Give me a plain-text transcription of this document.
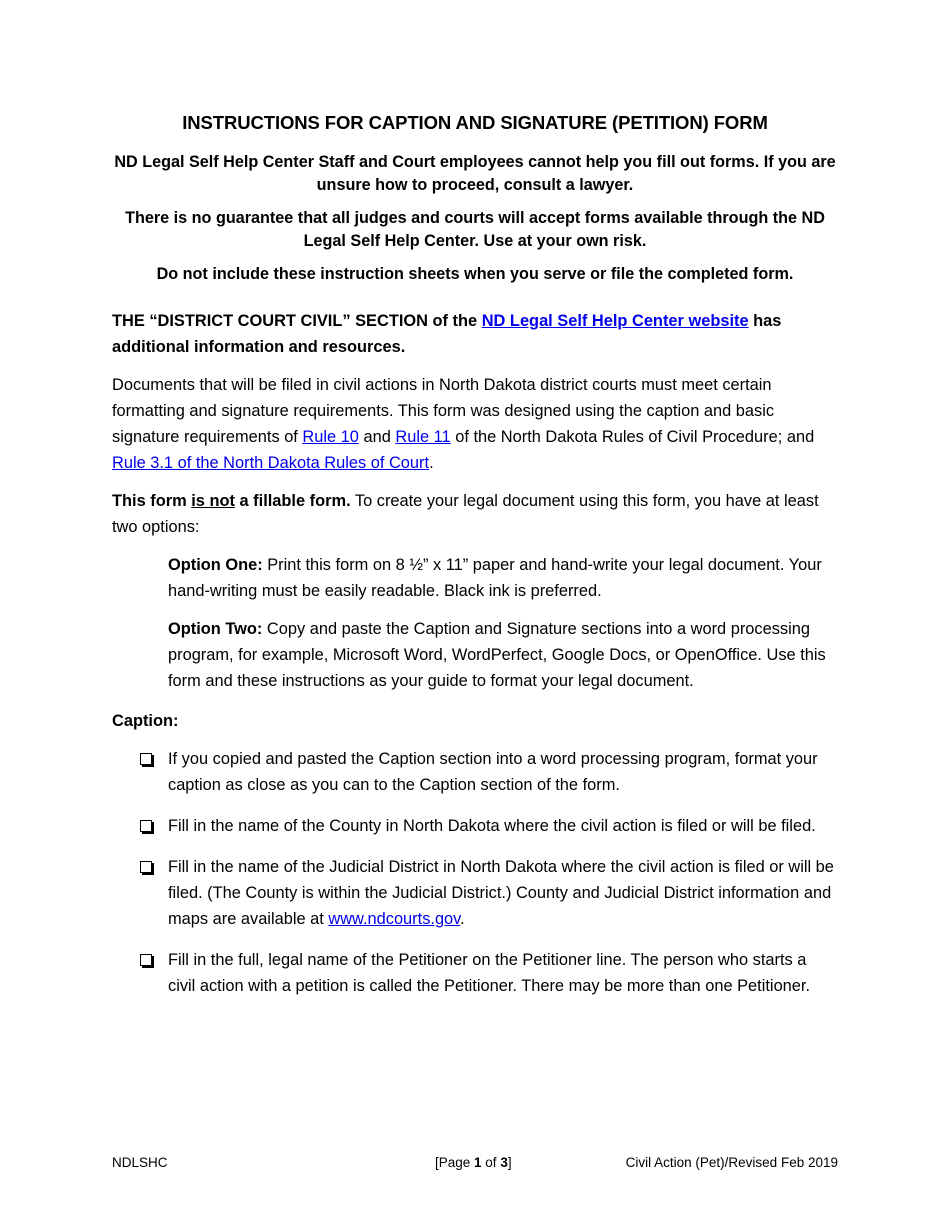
INSTRUCTIONS FOR CAPTION AND SIGNATURE (PETITION) FORM

ND Legal Self Help Center Staff and Court employees cannot help you fill out forms. If you are unsure how to proceed, consult a lawyer.

There is no guarantee that all judges and courts will accept forms available through the ND Legal Self Help Center. Use at your own risk.

Do not include these instruction sheets when you serve or file the completed form.

THE “DISTRICT COURT CIVIL” SECTION of the ND Legal Self Help Center website has additional information and resources.

Documents that will be filed in civil actions in North Dakota district courts must meet certain formatting and signature requirements. This form was designed using the caption and basic signature requirements of Rule 10 and Rule 11 of the North Dakota Rules of Civil Procedure; and Rule 3.1 of the North Dakota Rules of Court.

This form is not a fillable form. To create your legal document using this form, you have at least two options:

Option One: Print this form on 8 ½” x 11” paper and hand-write your legal document. Your hand-writing must be easily readable. Black ink is preferred.

Option Two: Copy and paste the Caption and Signature sections into a word processing program, for example, Microsoft Word, WordPerfect, Google Docs, or OpenOffice. Use this form and these instructions as your guide to format your legal document.

Caption:
If you copied and pasted the Caption section into a word processing program, format your caption as close as you can to the Caption section of the form.
Fill in the name of the County in North Dakota where the civil action is filed or will be filed.
Fill in the name of the Judicial District in North Dakota where the civil action is filed or will be filed. (The County is within the Judicial District.) County and Judicial District information and maps are available at www.ndcourts.gov.
Fill in the full, legal name of the Petitioner on the Petitioner line. The person who starts a civil action with a petition is called the Petitioner. There may be more than one Petitioner.
NDLSHC	[Page 1 of 3]	Civil Action (Pet)/Revised Feb 2019
